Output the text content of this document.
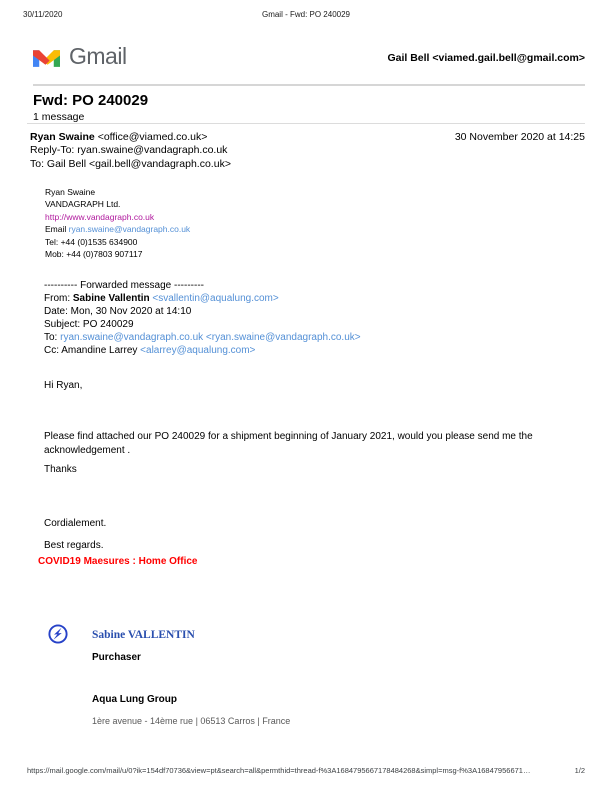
30/11/2020	Gmail - Fwd: PO 240029
Gmail	Gail Bell <viamed.gail.bell@gmail.com>
Fwd: PO 240029
1 message
Ryan Swaine <office@viamed.co.uk>	30 November 2020 at 14:25
Reply-To: ryan.swaine@vandagraph.co.uk
To: Gail Bell <gail.bell@vandagraph.co.uk>
Ryan Swaine
VANDAGRAPH Ltd.
http://www.vandagraph.co.uk
Email ryan.swaine@vandagraph.co.uk
Tel: +44 (0)1535 634900
Mob: +44 (0)7803 907117
---------- Forwarded message ---------
From: Sabine Vallentin <svallentin@aqualung.com>
Date: Mon, 30 Nov 2020 at 14:10
Subject: PO 240029
To: ryan.swaine@vandagraph.co.uk <ryan.swaine@vandagraph.co.uk>
Cc: Amandine Larrey <alarrey@aqualung.com>
Hi Ryan,
Please find attached our PO 240029 for a shipment beginning of January 2021, would you please send me the
acknowledgement .
Thanks
Cordialement.
Best regards.
COVID19 Maesures : Home Office
Sabine VALLENTIN
Purchaser
Aqua Lung Group
1ère avenue - 14ème rue | 06513 Carros | France
https://mail.google.com/mail/u/0?ik=154df70736&view=pt&search=all&permthid=thread-f%3A1684795667178484268&simpl=msg-f%3A16847956671…	1/2
